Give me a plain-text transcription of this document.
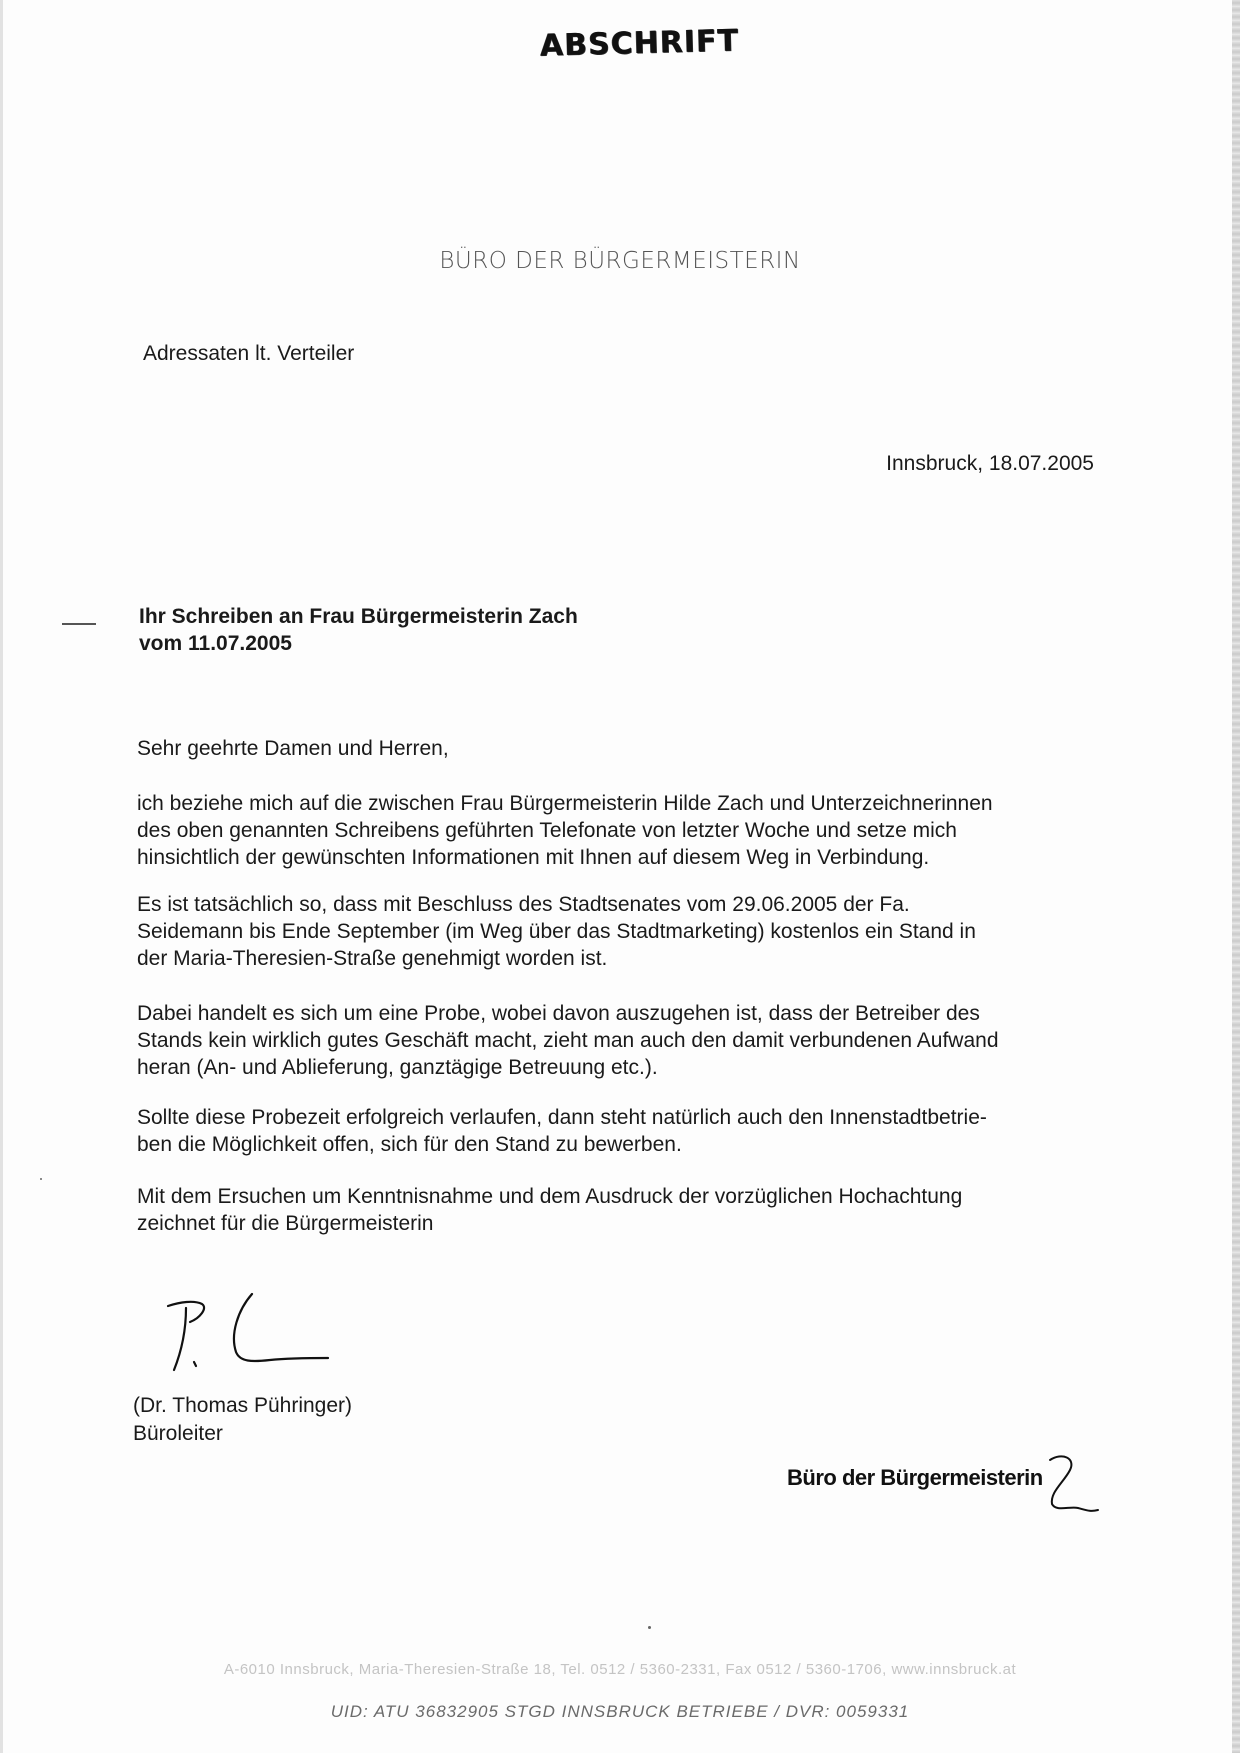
ABSCHRIFT
BÜRO DER BÜRGERMEISTERIN
Adressaten lt. Verteiler
Innsbruck, 18.07.2005
Ihr Schreiben an Frau Bürgermeisterin Zach
vom 11.07.2005
Sehr geehrte Damen und Herren,
ich beziehe mich auf die zwischen Frau Bürgermeisterin Hilde Zach und Unterzeichnerinnen
des oben genannten Schreibens geführten Telefonate von letzter Woche und setze mich
hinsichtlich der gewünschten Informationen mit Ihnen auf diesem Weg in Verbindung.
Es ist tatsächlich so, dass mit Beschluss des Stadtsenates vom 29.06.2005 der Fa.
Seidemann bis Ende September (im Weg über das Stadtmarketing) kostenlos ein Stand in
der Maria-Theresien-Straße genehmigt worden ist.
Dabei handelt es sich um eine Probe, wobei davon auszugehen ist, dass der Betreiber des
Stands kein wirklich gutes Geschäft macht, zieht man auch den damit verbundenen Aufwand
heran (An- und Ablieferung, ganztägige Betreuung etc.).
Sollte diese Probezeit erfolgreich verlaufen, dann steht natürlich auch den Innenstadtbetrie-
ben die Möglichkeit offen, sich für den Stand zu bewerben.
Mit dem Ersuchen um Kenntnisnahme und dem Ausdruck der vorzüglichen Hochachtung
zeichnet für die Bürgermeisterin
(Dr. Thomas Pühringer)
Büroleiter
Büro der Bürgermeisterin
A-6010 Innsbruck, Maria-Theresien-Straße 18, Tel. 0512 / 5360-2331, Fax 0512 / 5360-1706, www.innsbruck.at
UID: ATU 36832905 STGD INNSBRUCK BETRIEBE / DVR: 0059331
